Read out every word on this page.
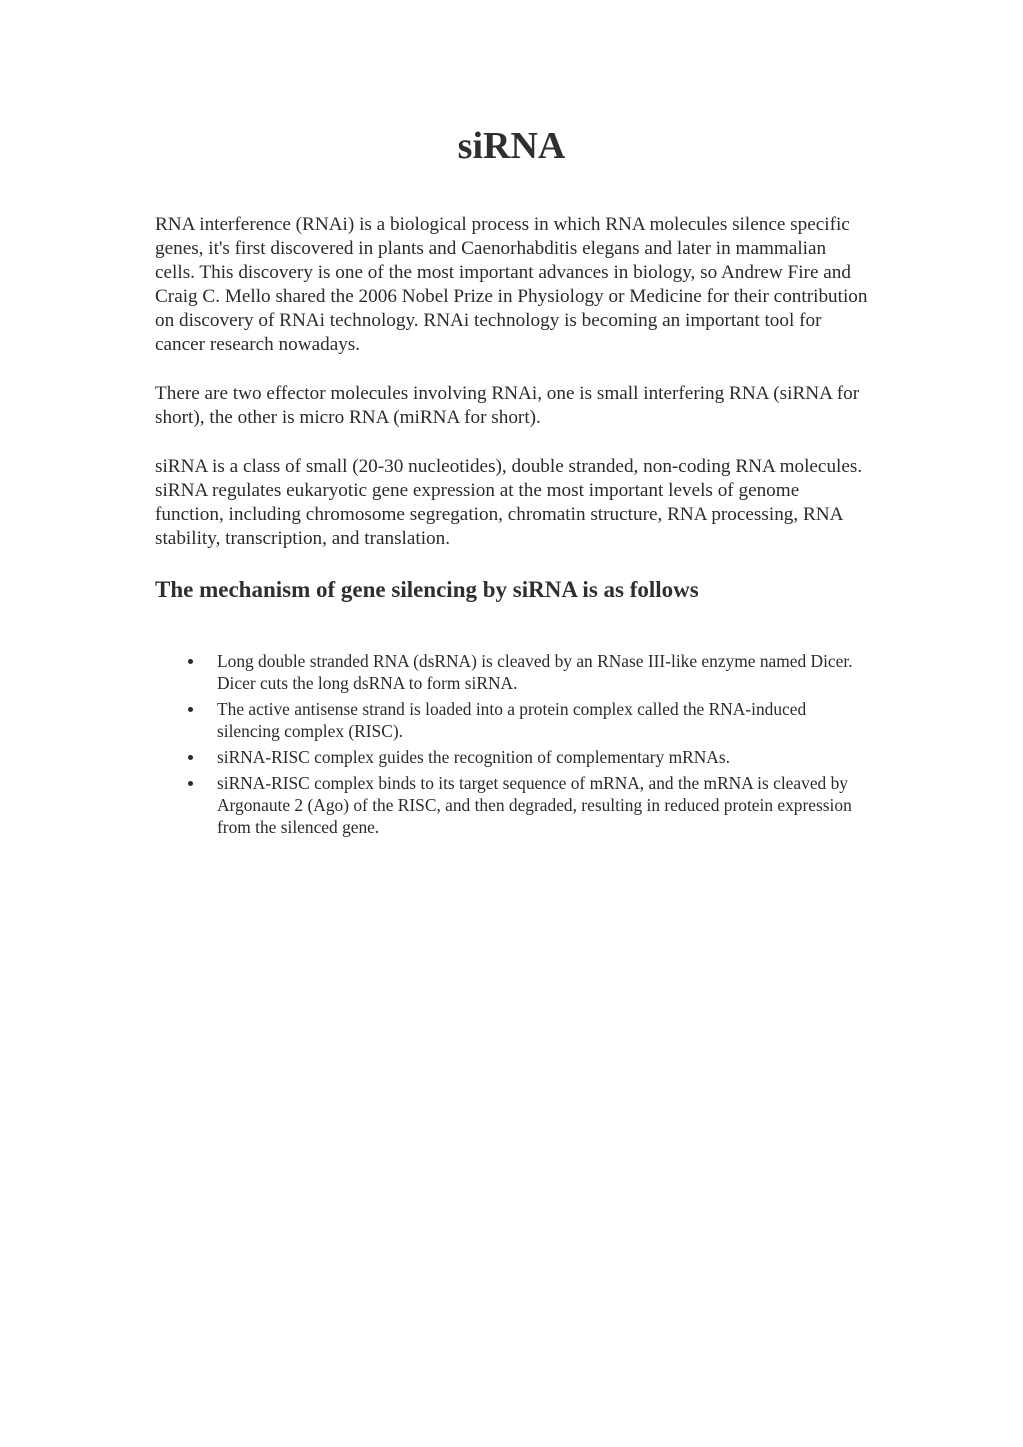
siRNA

RNA interference (RNAi) is a biological process in which RNA molecules silence specific genes, it's first discovered in plants and Caenorhabditis elegans and later in mammalian cells. This discovery is one of the most important advances in biology, so Andrew Fire and Craig C. Mello shared the 2006 Nobel Prize in Physiology or Medicine for their contribution on discovery of RNAi technology. RNAi technology is becoming an important tool for cancer research nowadays.

There are two effector molecules involving RNAi, one is small interfering RNA (siRNA for short), the other is micro RNA (miRNA for short).

siRNA is a class of small (20-30 nucleotides), double stranded, non-coding RNA molecules. siRNA regulates eukaryotic gene expression at the most important levels of genome function, including chromosome segregation, chromatin structure, RNA processing, RNA stability, transcription, and translation.

The mechanism of gene silencing by siRNA is as follows
Long double stranded RNA (dsRNA) is cleaved by an RNase III-like enzyme named Dicer. Dicer cuts the long dsRNA to form siRNA.
The active antisense strand is loaded into a protein complex called the RNA-induced silencing complex (RISC).
siRNA-RISC complex guides the recognition of complementary mRNAs.
siRNA-RISC complex binds to its target sequence of mRNA, and the mRNA is cleaved by Argonaute 2 (Ago) of the RISC, and then degraded, resulting in reduced protein expression from the silenced gene.
